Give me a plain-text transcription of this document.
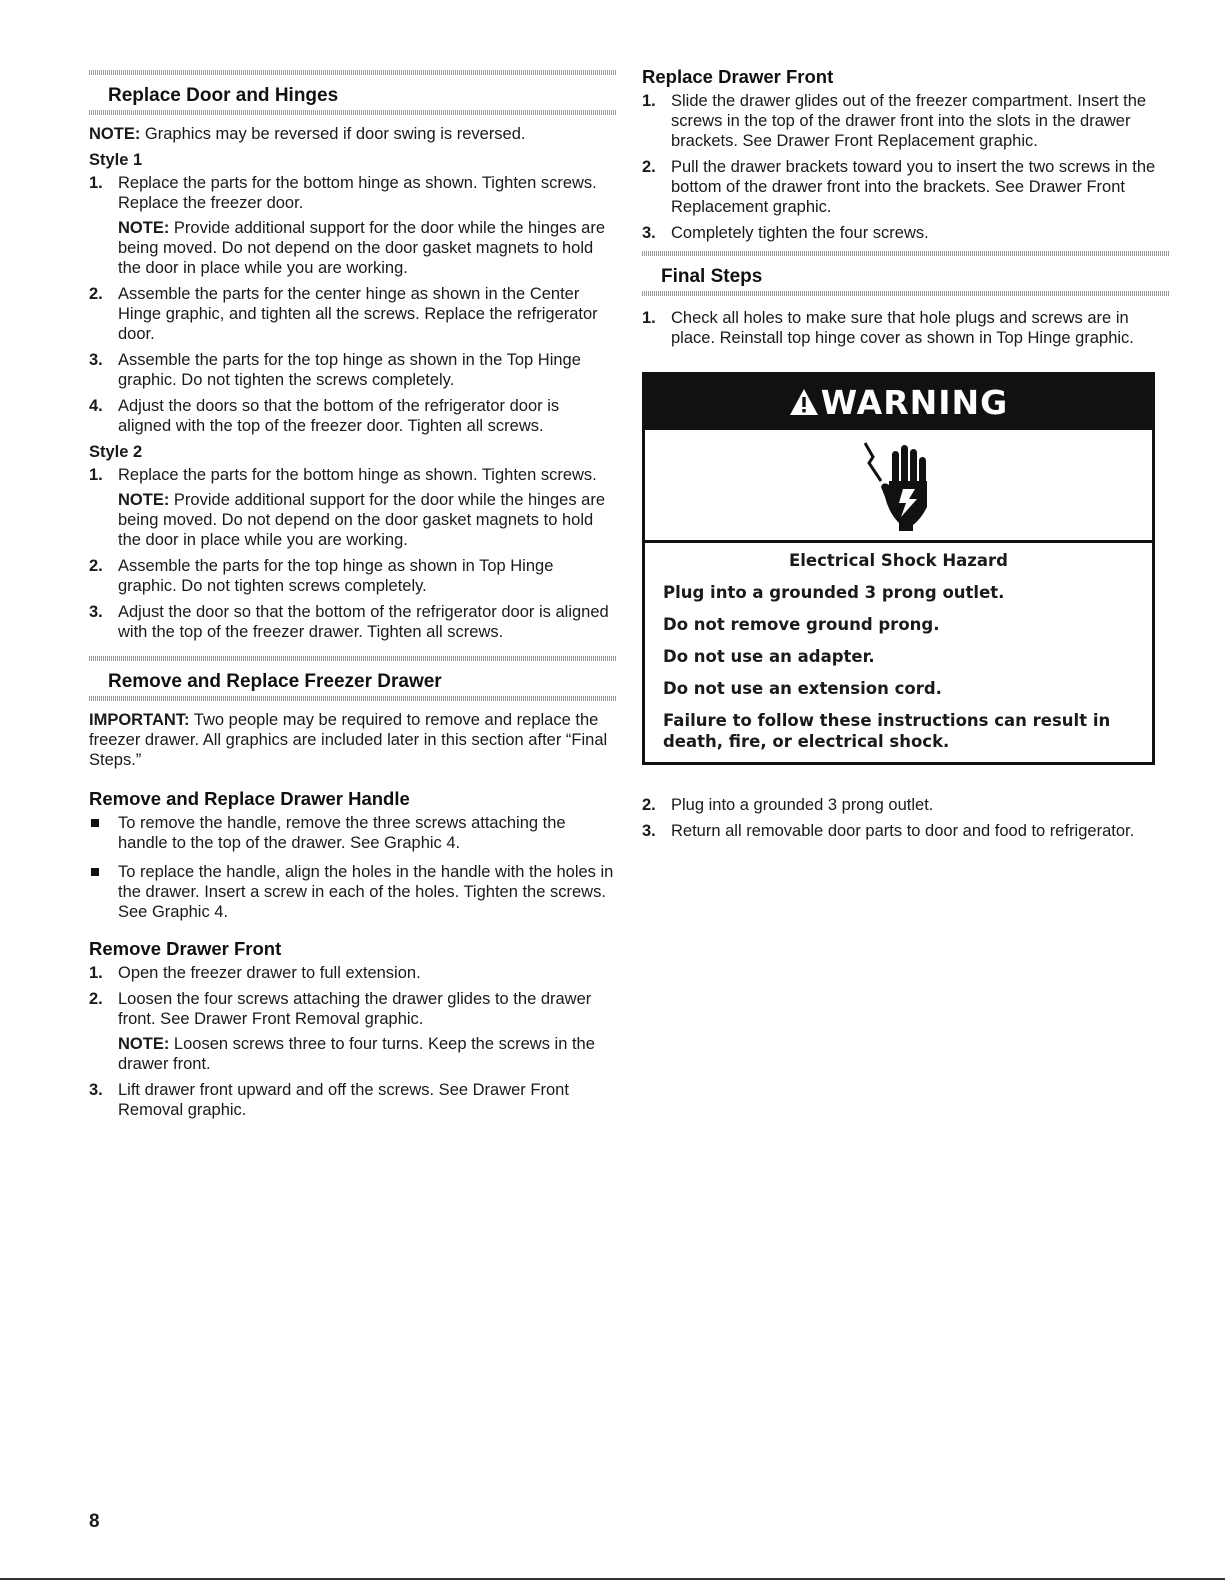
Replace Door and Hinges

NOTE: Graphics may be reversed if door swing is reversed.

Style 1
1. Replace the parts for the bottom hinge as shown. Tighten screws. Replace the freezer door.
NOTE: Provide additional support for the door while the hinges are being moved. Do not depend on the door gasket magnets to hold the door in place while you are working.
2. Assemble the parts for the center hinge as shown in the Center Hinge graphic, and tighten all the screws. Replace the refrigerator door.
3. Assemble the parts for the top hinge as shown in the Top Hinge graphic. Do not tighten the screws completely.
4. Adjust the doors so that the bottom of the refrigerator door is aligned with the top of the freezer door. Tighten all screws.
Style 2
1. Replace the parts for the bottom hinge as shown. Tighten screws.
NOTE: Provide additional support for the door while the hinges are being moved. Do not depend on the door gasket magnets to hold the door in place while you are working.
2. Assemble the parts for the top hinge as shown in Top Hinge graphic. Do not tighten screws completely.
3. Adjust the door so that the bottom of the refrigerator door is aligned with the top of the freezer drawer. Tighten all screws.
Remove and Replace Freezer Drawer

IMPORTANT: Two people may be required to remove and replace the freezer drawer. All graphics are included later in this section after “Final Steps.”

Remove and Replace Drawer Handle
To remove the handle, remove the three screws attaching the handle to the top of the drawer. See Graphic 4.
To replace the handle, align the holes in the handle with the holes in the drawer. Insert a screw in each of the holes. Tighten the screws. See Graphic 4.
Remove Drawer Front
1. Open the freezer drawer to full extension.
2. Loosen the four screws attaching the drawer glides to the drawer front. See Drawer Front Removal graphic.
NOTE: Loosen screws three to four turns. Keep the screws in the drawer front.
3. Lift drawer front upward and off the screws. See Drawer Front Removal graphic.
Replace Drawer Front
1. Slide the drawer glides out of the freezer compartment. Insert the screws in the top of the drawer front into the slots in the drawer brackets. See Drawer Front Replacement graphic.
2. Pull the drawer brackets toward you to insert the two screws in the bottom of the drawer front into the brackets. See Drawer Front Replacement graphic.
3. Completely tighten the four screws.
Final Steps
1. Check all holes to make sure that hole plugs and screws are in place. Reinstall top hinge cover as shown in Top Hinge graphic.
WARNING
Electrical Shock Hazard
Plug into a grounded 3 prong outlet.
Do not remove ground prong.
Do not use an adapter.
Do not use an extension cord.
Failure to follow these instructions can result in death, fire, or electrical shock.
2. Plug into a grounded 3 prong outlet.
3. Return all removable door parts to door and food to refrigerator.
8
